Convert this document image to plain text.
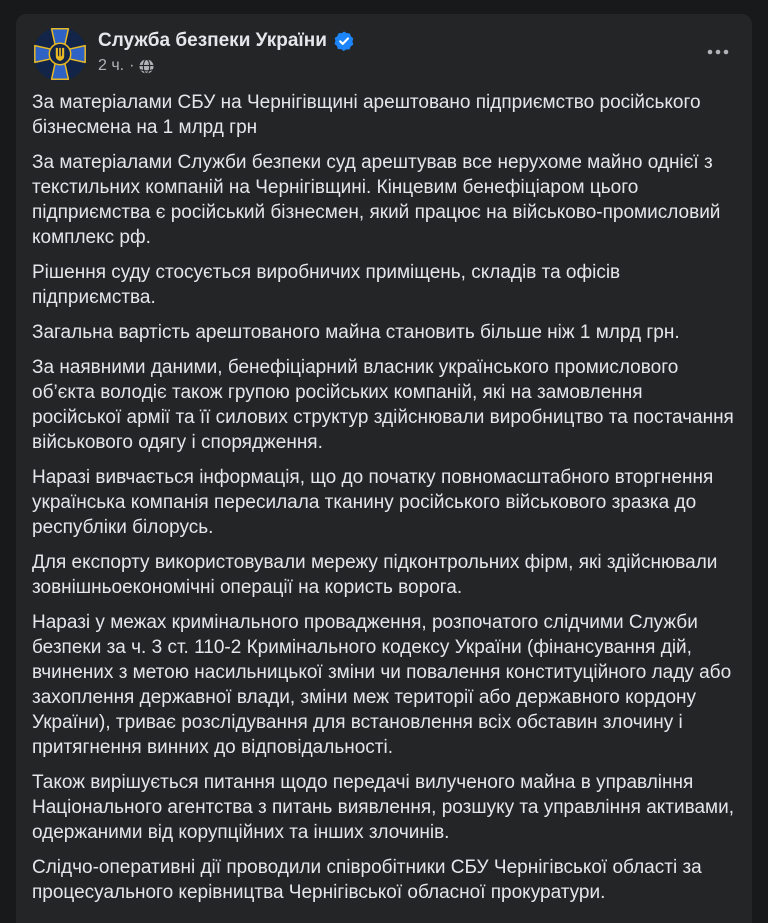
Служба безпеки України
2 ч. ·

За матеріалами СБУ на Чернігівщині арештовано підприємство російського бізнесмена на 1 млрд грн

За матеріалами Служби безпеки суд арештував все нерухоме майно однієї з текстильних компаній на Чернігівщині. Кінцевим бенефіціаром цього підприємства є російський бізнесмен, який працює на військово-промисловий комплекс рф.

Рішення суду стосується виробничих приміщень, складів та офісів підприємства.

Загальна вартість арештованого майна становить більше ніж 1 млрд грн.

За наявними даними, бенефіціарний власник українського промислового об’єкта володіє також групою російських компаній, які на замовлення російської армії та її силових структур здійснювали виробництво та постачання військового одягу і спорядження.

Наразі вивчається інформація, що до початку повномасштабного вторгнення українська компанія пересилала тканину російського військового зразка до республіки білорусь.

Для експорту використовували мережу підконтрольних фірм, які здійснювали зовнішньоекономічні операції на користь ворога.

Наразі у межах кримінального провадження, розпочатого слідчими Служби безпеки за ч. 3 ст. 110-2 Кримінального кодексу України (фінансування дій, вчинених з метою насильницької зміни чи повалення конституційного ладу або захоплення державної влади, зміни меж території або державного кордону України), триває розслідування для встановлення всіх обставин злочину і притягнення винних до відповідальності.

Також вирішується питання щодо передачі вилученого майна в управління Національного агентства з питань виявлення, розшуку та управління активами, одержаними від корупційних та інших злочинів.

Слідчо-оперативні дії проводили співробітники СБУ Чернігівської області за процесуального керівництва Чернігівської обласної прокуратури.
